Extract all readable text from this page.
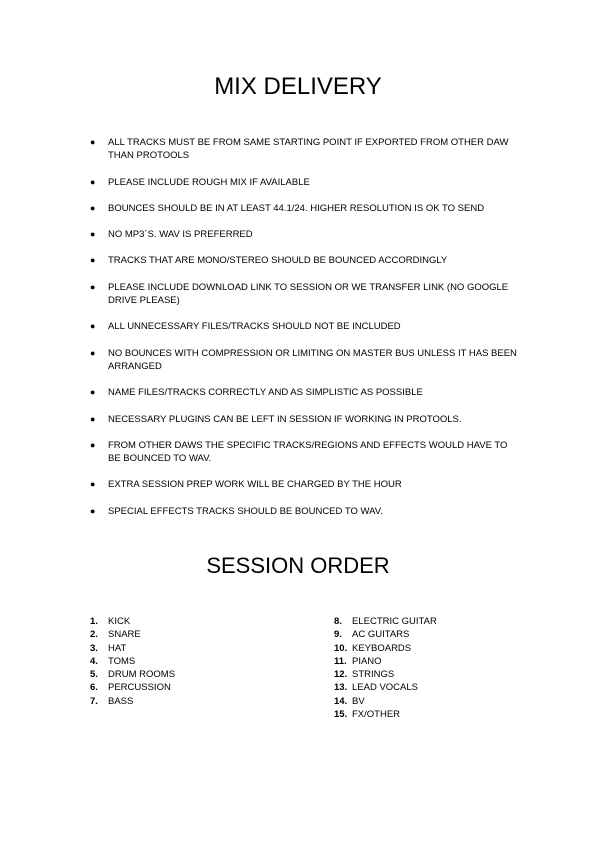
MIX DELIVERY
● ALL TRACKS MUST BE FROM SAME STARTING POINT IF EXPORTED FROM OTHER DAW THAN PROTOOLS
● PLEASE INCLUDE ROUGH MIX IF AVAILABLE
● BOUNCES SHOULD BE IN AT LEAST 44.1/24. HIGHER RESOLUTION IS OK TO SEND
● NO MP3´S. WAV IS PREFERRED
● TRACKS THAT ARE MONO/STEREO SHOULD BE BOUNCED ACCORDINGLY
● PLEASE INCLUDE DOWNLOAD LINK TO SESSION OR WE TRANSFER LINK (NO GOOGLE DRIVE PLEASE)
● ALL UNNECESSARY FILES/TRACKS SHOULD NOT BE INCLUDED
● NO BOUNCES WITH COMPRESSION OR LIMITING ON MASTER BUS UNLESS IT HAS BEEN ARRANGED
● NAME FILES/TRACKS CORRECTLY AND AS SIMPLISTIC AS POSSIBLE
● NECESSARY PLUGINS CAN BE LEFT IN SESSION IF WORKING IN PROTOOLS.
● FROM OTHER DAWS THE SPECIFIC TRACKS/REGIONS AND EFFECTS WOULD HAVE TO BE BOUNCED TO WAV.
● EXTRA SESSION PREP WORK WILL BE CHARGED BY THE HOUR
● SPECIAL EFFECTS TRACKS SHOULD BE BOUNCED TO WAV.
SESSION ORDER
1. KICK
2. SNARE
3. HAT
4. TOMS
5. DRUM ROOMS
6. PERCUSSION
7. BASS
8. ELECTRIC GUITAR
9. AC GUITARS
10. KEYBOARDS
11. PIANO
12. STRINGS
13. LEAD VOCALS
14. BV
15. FX/OTHER
